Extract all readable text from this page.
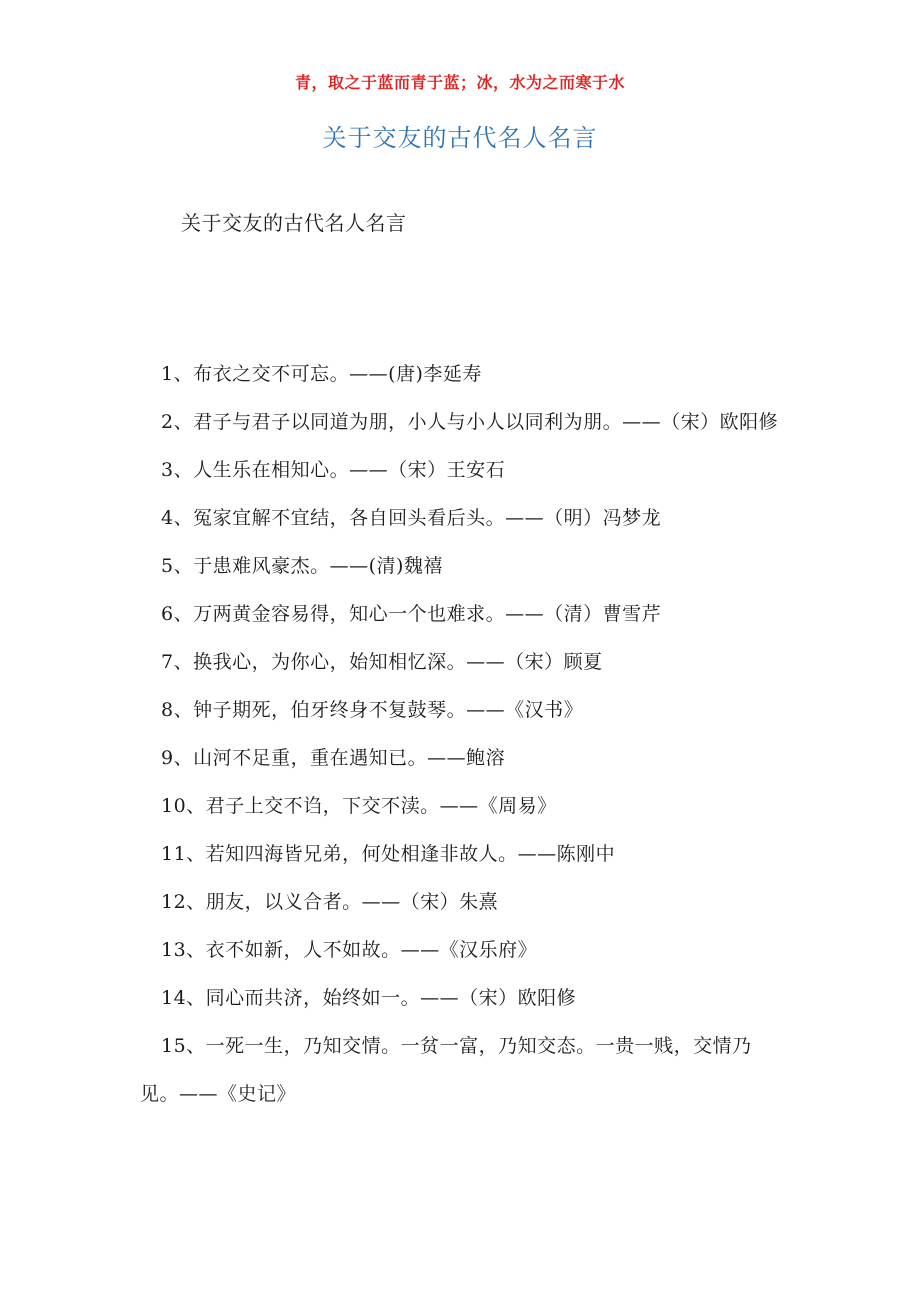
青，取之于蓝而青于蓝；冰，水为之而寒于水
关于交友的古代名人名言
关于交友的古代名人名言
1、布衣之交不可忘。——(唐)李延寿
2、君子与君子以同道为朋，小人与小人以同利为朋。——（宋）欧阳修
3、人生乐在相知心。——（宋）王安石
4、冤家宜解不宜结，各自回头看后头。——（明）冯梦龙
5、于患难风豪杰。——(清)魏禧
6、万两黄金容易得，知心一个也难求。——（清）曹雪芹
7、换我心，为你心，始知相忆深。——（宋）顾夏
8、钟子期死，伯牙终身不复鼓琴。——《汉书》
9、山河不足重，重在遇知已。——鲍溶
10、君子上交不诌，下交不渎。——《周易》
11、若知四海皆兄弟，何处相逢非故人。——陈刚中
12、朋友，以义合者。——（宋）朱熹
13、衣不如新，人不如故。——《汉乐府》
14、同心而共济，始终如一。——（宋）欧阳修
15、一死一生，乃知交情。一贫一富，乃知交态。一贵一贱，交情乃见。——《史记》
